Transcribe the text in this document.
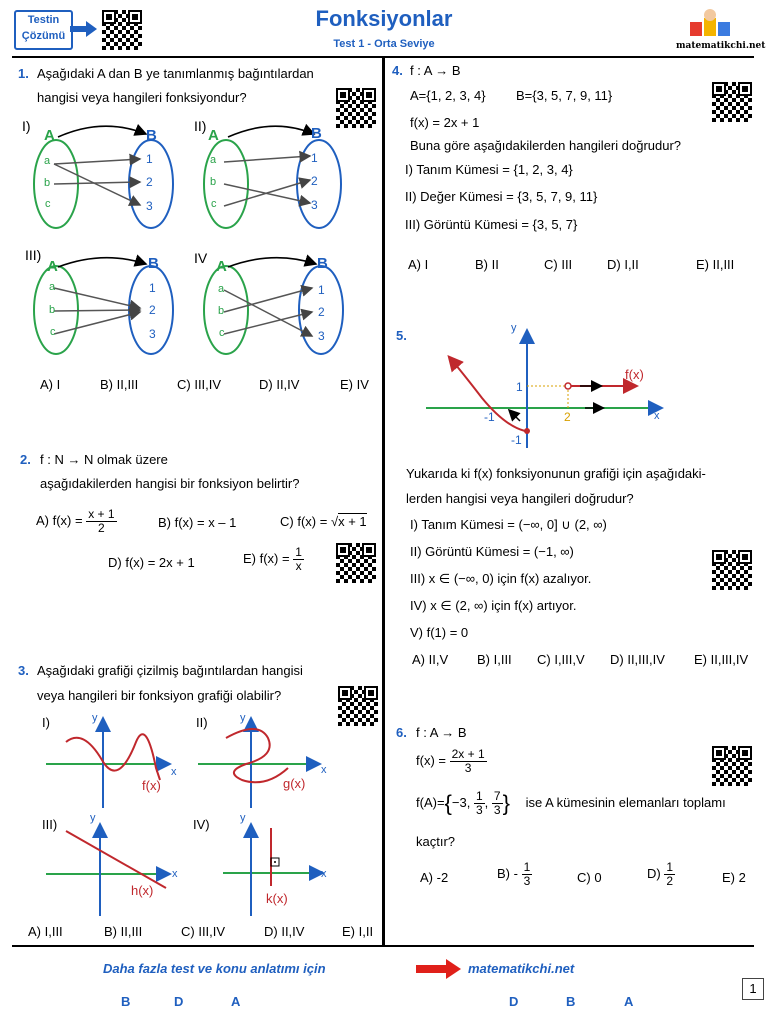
Testin
Çözümü
Fonksiyonlar
Test 1 - Orta Seviye	matematikchi.net
1. Aşağıdaki A dan B ye tanımlanmış bağıntılardan
hangisi veya hangileri fonksiyondur?
I)	II)
III)	IV
A	B	A	B
A	B	A	B
a
b
c
1
2
3
a
b
c
1
2
3
a
b
c
1
2
3
a
b
c
1
2
3
A) I	B) II,III	C) III,IV	D) II,IV	E) IV
2. f : N → N olmak üzere
aşağıdakilerden hangisi bir fonksiyon belirtir?
A) $f(x) = \frac{x + 1}{2}$	B) f(x) = x – 1	C) f(x) = √x + 1
D) f(x) = 2x + 1	E) $f(x) = \frac{1}{x}$
3. Aşağıdaki grafiği çizilmiş bağıntılardan hangisi
veya hangileri bir fonksiyon grafiği olabilir?
I)	II)
III)	IV)
y	y
y	y
x	x
x	x
f(x)	g(x)
h(x)
k(x)
A) I,III	B) II,III	C) III,IV	D) II,IV	E) I,II
4. f : A → B
A={1, 2, 3, 4} B={3, 5, 7, 9, 11}
f(x) = 2x + 1
Buna göre aşağıdakilerden hangileri doğrudur?
I) Tanım Kümesi = {1, 2, 3, 4}
II) Değer Kümesi = {3, 5, 7, 9, 11}
III) Görüntü Kümesi = {3, 5, 7}
A) I	B) II	C) III	D) I,II	E) II,III
5.	y
x
f(x)
1
-1	2
-1
Yukarıda ki f(x) fonksiyonunun grafiği için aşağıdaki-
lerden hangisi veya hangileri doğrudur?
I) Tanım Kümesi = (−∞, 0] ∪ (2, ∞)
II) Görüntü Kümesi = (−1, ∞)
III) x ∈ (−∞, 0) için f(x) azalıyor.
IV) x ∈ (2, ∞) için f(x) artıyor.
V) f(1) = 0
A) II,V B) I,III C) I,III,V D) II,III,IV E) II,III,IV
6. f : A → B
$f(x) = \frac{2x + 1}{3}$
f(A)={−3, $\frac{1}{3}$ , $\frac{7}{3}$ } ise A kümesinin elemanları toplamı
kaçtır?
A) -2	$B) - \frac{1}{3}$	C) 0	$D) \frac{1}{2}$	E) 2
Daha fazla test ve konu anlatımı için	matematikchi.net
B	D	A	D	B	A
1
